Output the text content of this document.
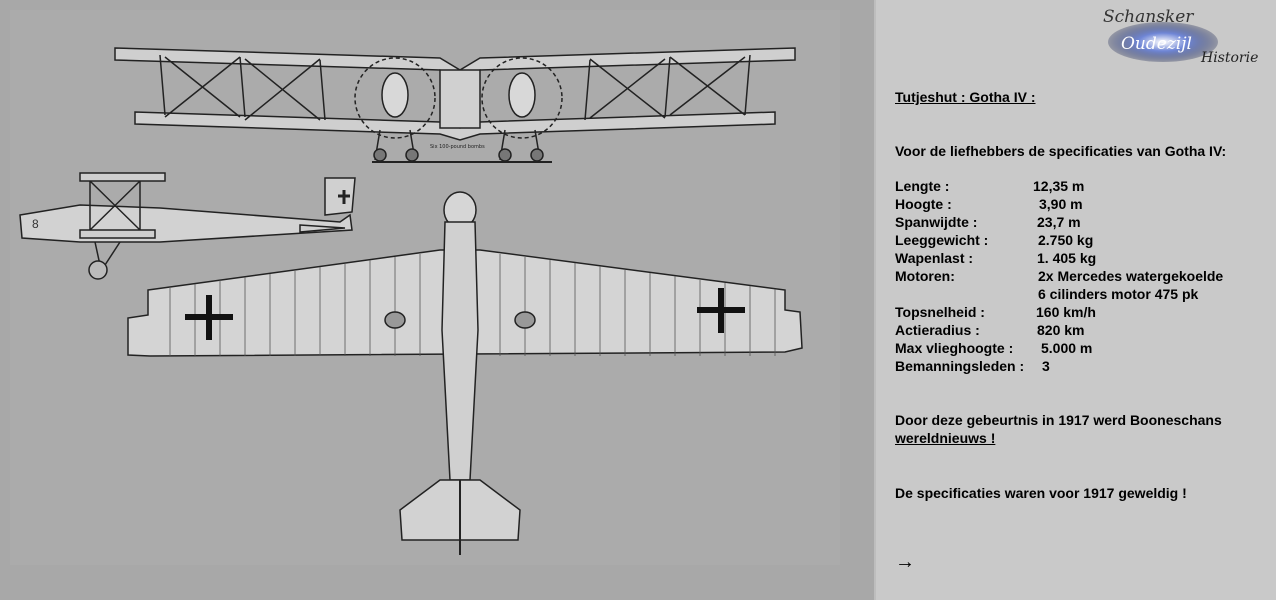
Six 100-pound bombs
8
Schansker
Oudezijl
Historie
Tutjeshut : Gotha IV :
Voor de liefhebbers de specificaties van Gotha IV:
Lengte :	12,35 m
Hoogte :	3,90 m
Spanwijdte :	23,7 m
Leeggewicht :	2.750 kg
Wapenlast :	1. 405 kg
Motoren:	2x Mercedes watergekoelde
6 cilinders motor 475 pk
Topsnelheid :	160 km/h
Actieradius :	820 km
Max vlieghoogte : 5.000 m
Bemanningsleden : 3
Door deze gebeurtnis in 1917 werd Booneschans
wereldnieuws !
De specificaties waren voor 1917 geweldig !
→
